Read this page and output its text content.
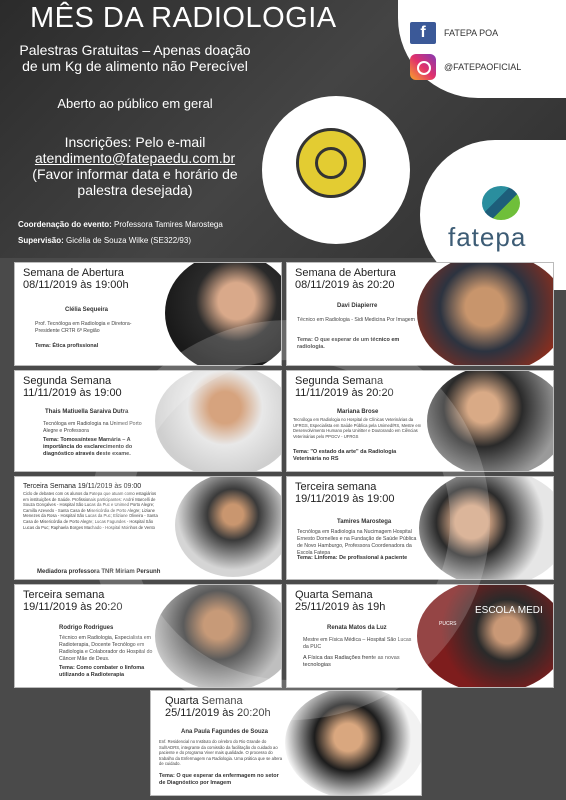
MÊS DA RADIOLOGIA
Palestras Gratuitas – Apenas doação
de um Kg de alimento não Perecível
Aberto ao público em geral
Inscrições: Pelo e-mail
atendimento@fatepaedu.com.br
(Favor informar data e horário de
palestra desejada)
Coordenação do evento: Professora Tamires Marostega
Supervisão: Gicélia de Souza Wilke (SE322/93)
f	FATEPA POA
@FATEPAOFICIAL
fatepa
Semana de Abertura
08/11/2019 às 19:00h
Clélia Sequeira
Prof. Tecnóloga em Radiologia e Diretora-Presidente CRTR 6ª Região
Tema: Ética profissional
Semana de Abertura
08/11/2019 às 20:20
Davi Diapierre
Técnico em Radiologia - Sidi Medicina Por Imagem
Tema: O que esperar de um técnico em radiologia.
Segunda Semana
11/11/2019 às 19:00
Thais Matiuella Saraiva Dutra
Tecnóloga em Radiologia na Unimed Porto Alegre e Professora
Tema: Tomossíntese Mamária – A importância do esclarecimento do diagnóstico através deste exame.
Segunda Semana
11/11/2019 às 20:20
Mariana Brose
Tecnóloga em Radiologia no Hospital de Clínicas Veterinárias da UFRGS, Especialista em Saúde Pública pela Unimed/RS, Mestre em Desenvolvimento Humano pela Uniritter e Doutorando em Ciências Veterinárias pelo PPGCV - UFRGS
Tema: "O estado da arte" da Radiologia Veterinária no RS
Terceira Semana 19/11/2019 às 09:00
Ciclo de debates com os alunos da Fatepa que atuam como estagiários em instituições de Saúde. Profissionais participantes: André Marcelli de Souza Gonçalves - Hospital São Lucas da Puc e Unimed Porto Alegre; Camilla Azevedo - Santa Casa de Misericórdia de Porto Alegre; Liziane Menezes da Rosa - Hospital São Lucas da Puc; Eliziane Oliveira - Santa Casa de Misericórdia de Porto Alegre; Lucas Fagundes - Hospital São Lucas da Puc; Raphaela Borges Machado - Hospital Moinhos de Vento
Mediadora professora TNR Miriam Persunh
Terceira semana
19/11/2019 às 19:00
Tamires Marostega
Tecnóloga em Radiologia na Nucimagem Hospital Ernesto Dornelles e na Fundação de Saúde Pública de Novo Hamburgo, Professora Coordenadora da Escola Fatepa
Tema: Linfoma: De profissional à paciente
Terceira semana
19/11/2019 às 20:20
Rodrigo Rodrigues
Técnico em Radiologia, Especialista em Radioterapia, Docente Tecnólogo em Radiologia e Colaborador do Hospital do Câncer Mãe de Deus.
Tema: Como combater o linfoma utilizando a Radioterapia
Quarta Semana
25/11/2019 às 19h
Renata Matos da Luz
Mestre em Física Médica – Hospital São Lucas da PUC
A Física das Radiações frente as novas tecnologias
PUCRS
ESCOLA MEDI
Quarta Semana
25/11/2019 às 20:20h
Ana Paula Fagundes de Souza
Enf. Residencial no Instituto do cérebro do Rio Grande do Sul/IADRS, integrante da comissão da facilitação do cuidado ao paciente e do programa Viver mais qualidade. O processo do trabalho da Enfermagem na Radiologia. Uma prática que se altera de cuidado.
Tema: O que esperar da enfermagem no setor de Diagnóstico por Imagem
